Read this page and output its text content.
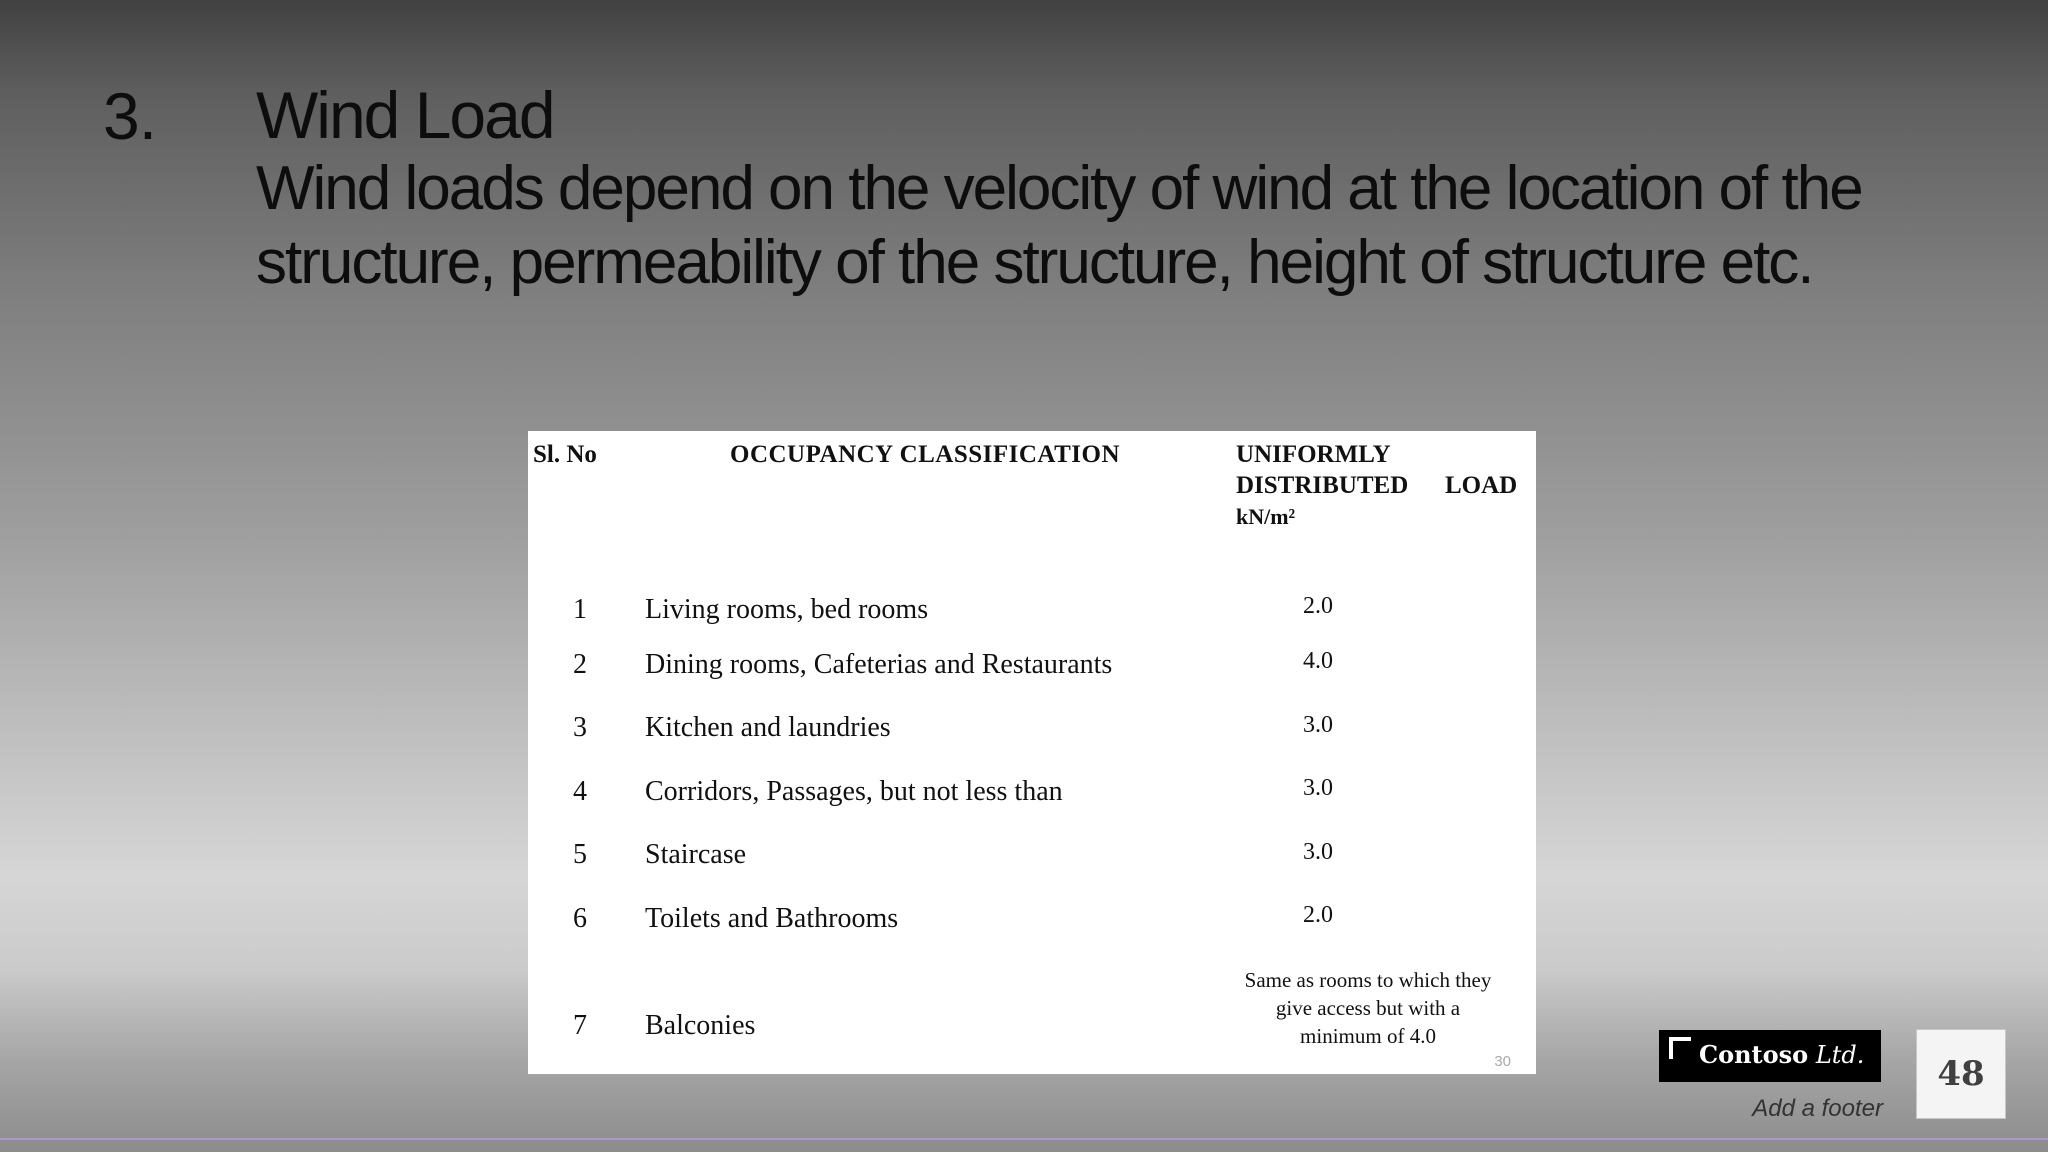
3. Wind Load
Wind loads depend on the velocity of wind at the location of the
structure, permeability of the structure, height of structure etc.
Sl. No	OCCUPANCY CLASSIFICATION	UNIFORMLY
DISTRIBUTED LOAD
kN/m²
1	Living rooms, bed rooms	2.0
2	Dining rooms, Cafeterias and Restaurants	4.0
3	Kitchen and laundries	3.0
4	Corridors, Passages, but not less than	3.0
5	Staircase	3.0
6	Toilets and Bathrooms	2.0
7	Balconies
Same as rooms to which they
give access but with a
minimum of 4.0
30	Contoso Ltd.
Add a footer
48
